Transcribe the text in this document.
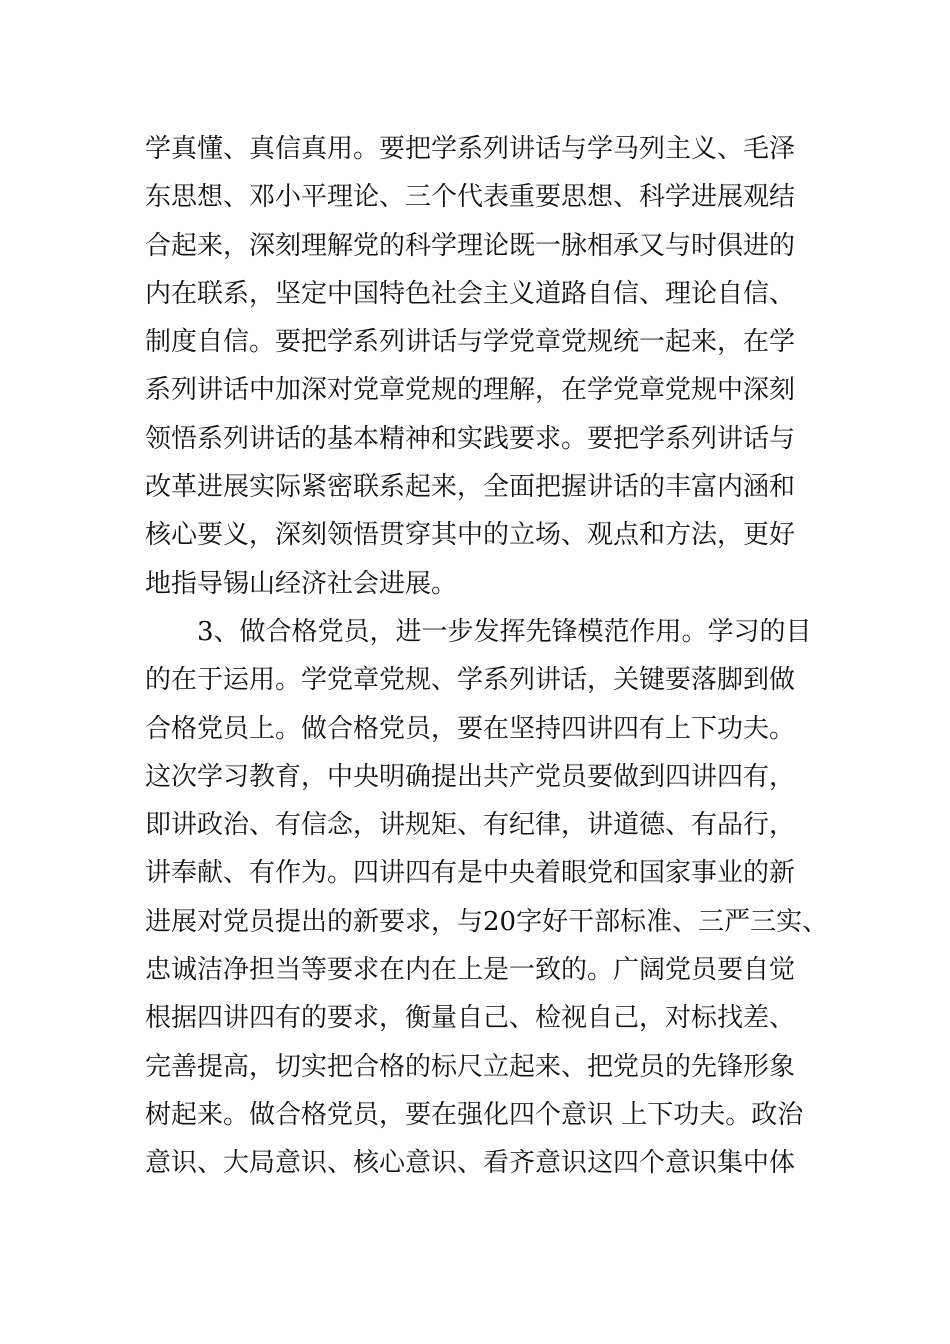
学真懂、真信真用。要把学系列讲话与学马列主义、毛泽
东思想、邓小平理论、三个代表重要思想、科学进展观结
合起来，深刻理解党的科学理论既一脉相承又与时俱进的
内在联系，坚定中国特色社会主义道路自信、理论自信、
制度自信。要把学系列讲话与学党章党规统一起来，在学
系列讲话中加深对党章党规的理解，在学党章党规中深刻
领悟系列讲话的基本精神和实践要求。要把学系列讲话与
改革进展实际紧密联系起来，全面把握讲话的丰富内涵和
核心要义，深刻领悟贯穿其中的立场、观点和方法，更好
地指导锡山经济社会进展。
3、做合格党员，进一步发挥先锋模范作用。学习的目
的在于运用。学党章党规、学系列讲话，关键要落脚到做
合格党员上。做合格党员，要在坚持四讲四有上下功夫。
这次学习教育，中央明确提出共产党员要做到四讲四有，
即讲政治、有信念，讲规矩、有纪律，讲道德、有品行，
讲奉献、有作为。四讲四有是中央着眼党和国家事业的新
进展对党员提出的新要求，与20字好干部标准、三严三实、
忠诚洁净担当等要求在内在上是一致的。广阔党员要自觉
根据四讲四有的要求，衡量自己、检视自己，对标找差、
完善提高，切实把合格的标尺立起来、把党员的先锋形象
树起来。做合格党员，要在强化四个意识 上下功夫。政治
意识、大局意识、核心意识、看齐意识这四个意识集中体
